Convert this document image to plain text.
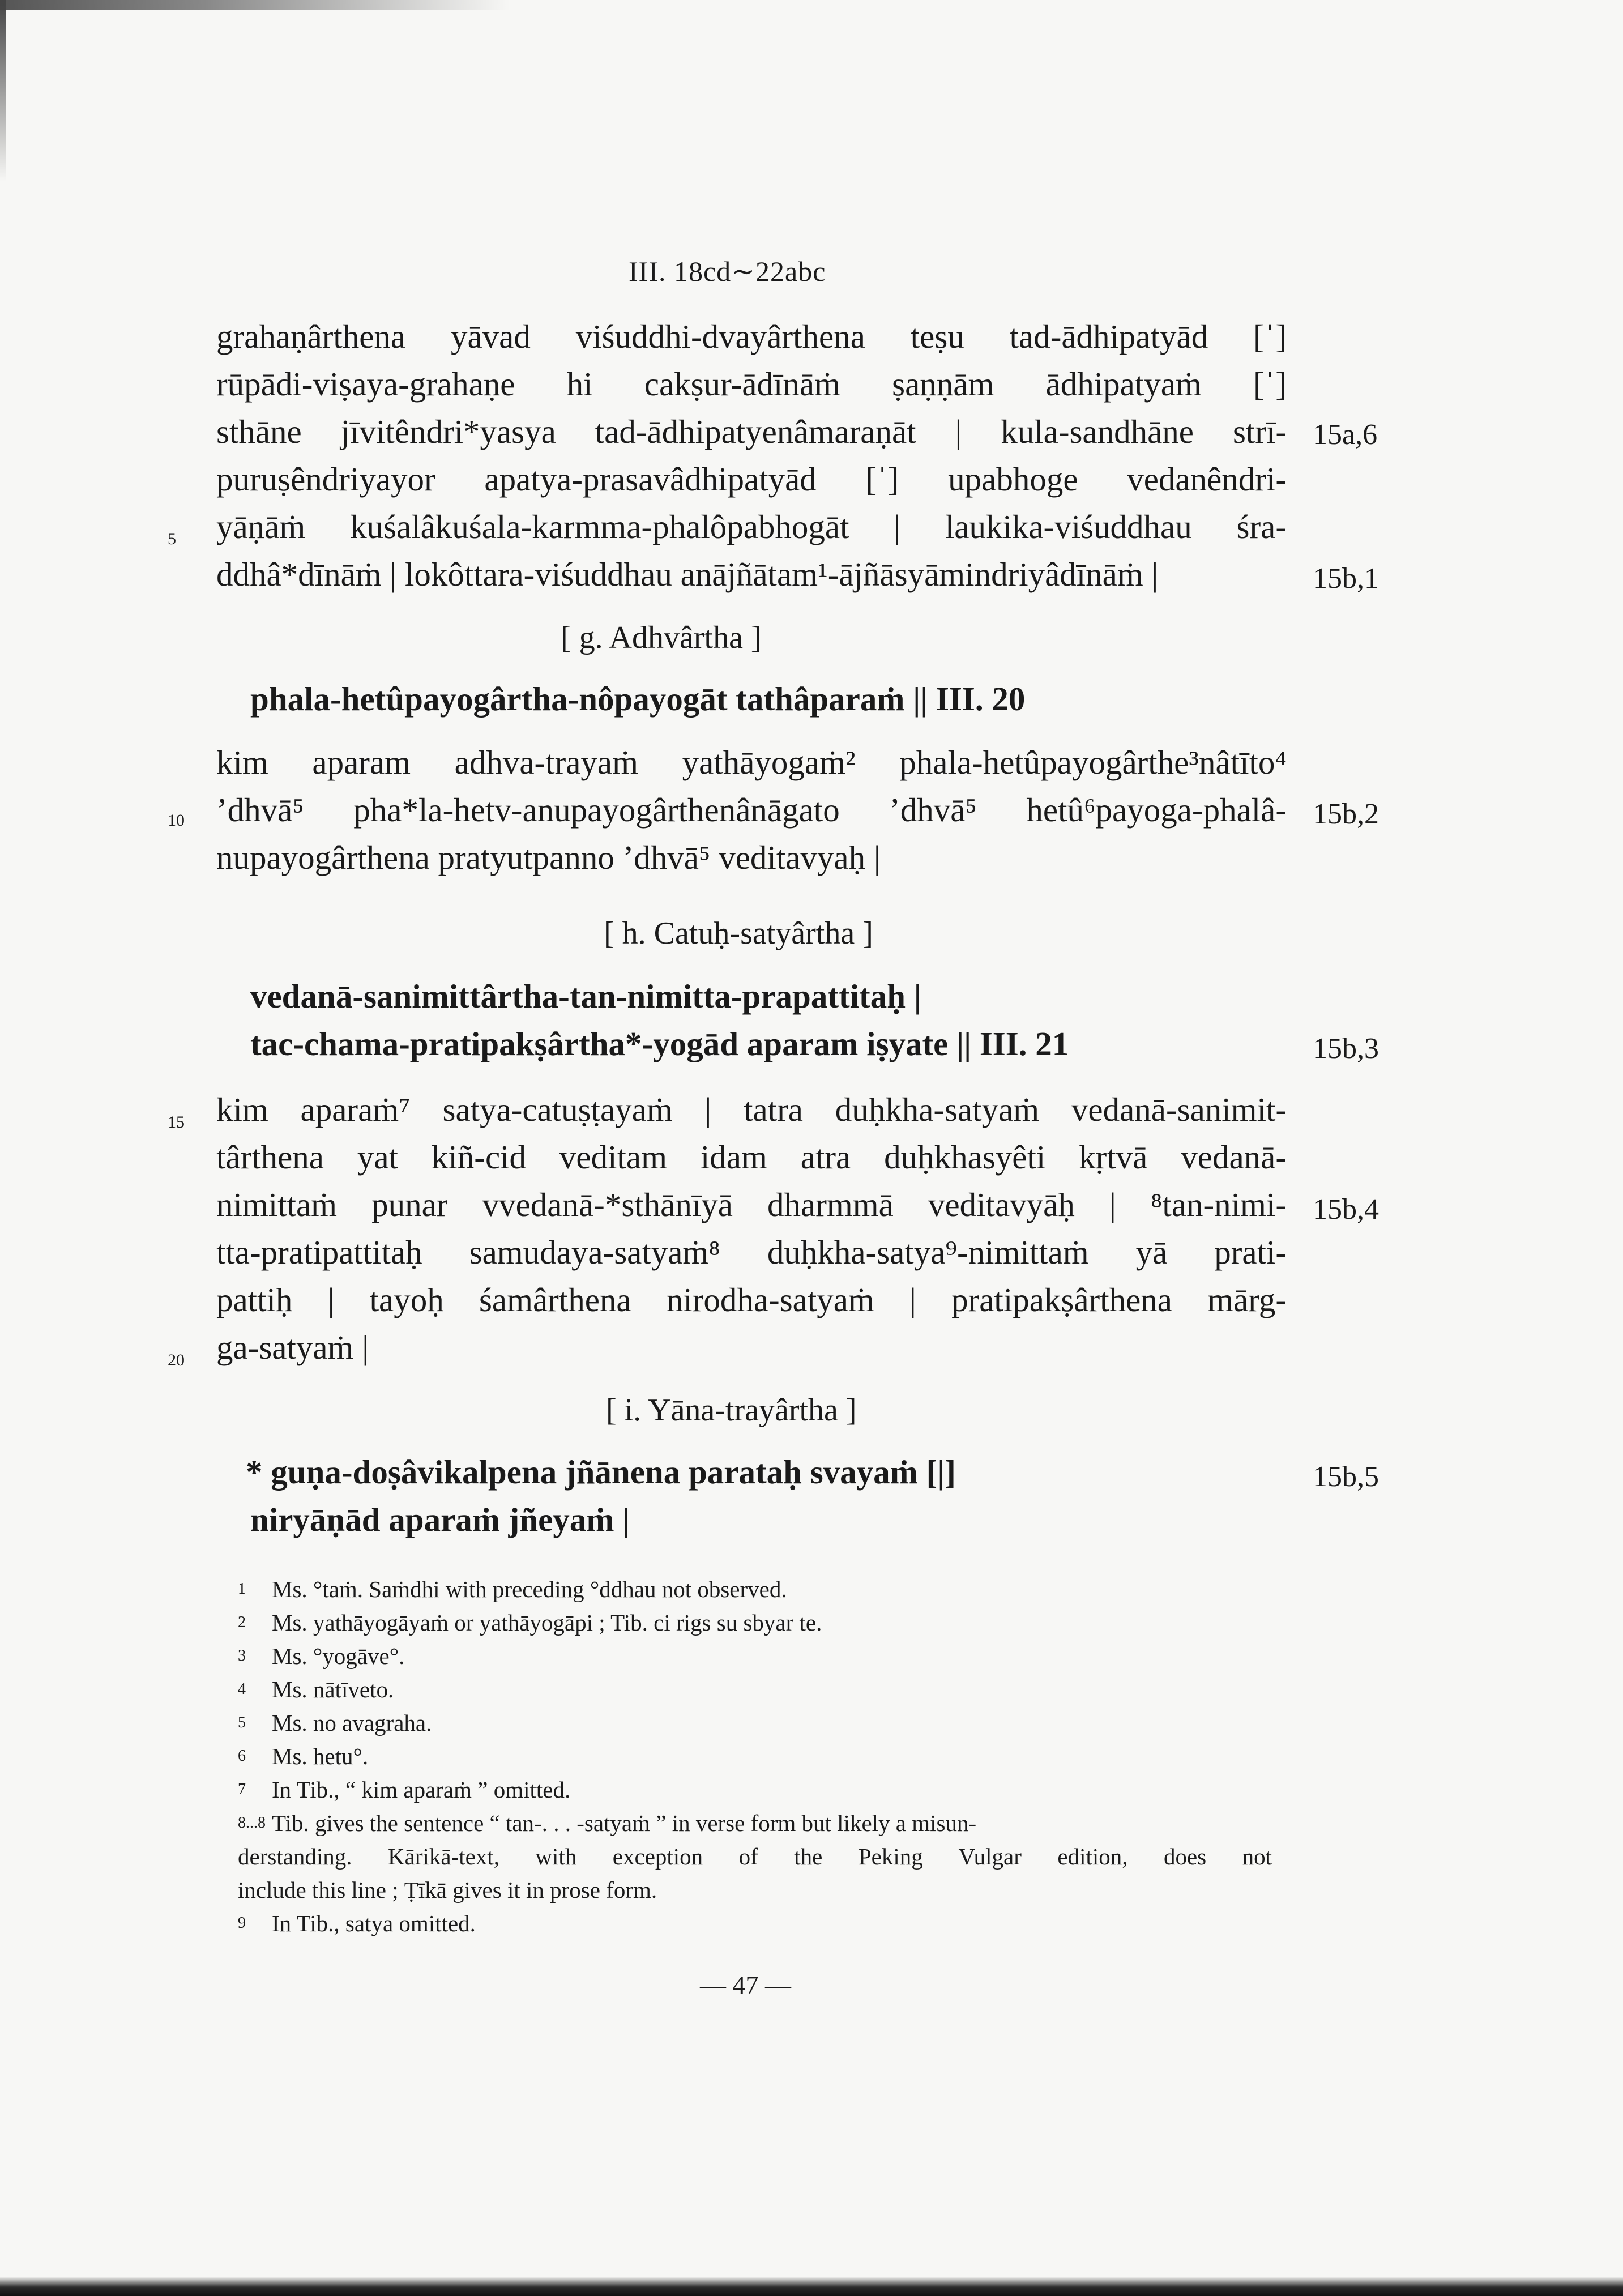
III. 18cd∼22abc
grahaṇârthena yāvad viśuddhi-dvayârthena teṣu tad-ādhipatyād [ˈ]
rūpādi-viṣaya-grahaṇe hi cakṣur-ādīnāṁ ṣaṇṇām ādhipatyaṁ [ˈ]
sthāne jīvitêndri*yasya tad-ādhipatyenâmaraṇāt | kula-sandhāne strī-
puruṣêndriyayor apatya-prasavâdhipatyād [ˈ] upabhoge vedanêndri-
yāṇāṁ kuśalâkuśala-karmma-phalôpabhogāt | laukika-viśuddhau śra-
ddhâ*dīnāṁ | lokôttara-viśuddhau anājñātam¹-ājñāsyāmindriyâdīnāṁ |
[ g. Adhvârtha ]
phala-hetûpayogârtha-nôpayogāt tathâparaṁ || III. 20
kim aparam adhva-trayaṁ yathāyogaṁ² phala-hetûpayogârthe³nâtīto⁴
’dhvā⁵ pha*la-hetv-anupayogârthenânāgato ’dhvā⁵ hetû⁶payoga-phalâ-
nupayogârthena pratyutpanno ’dhvā⁵ veditavyaḥ |
[ h. Catuḥ-satyârtha ]
vedanā-sanimittârtha-tan-nimitta-prapattitaḥ |
tac-chama-pratipakṣârtha*-yogād aparam iṣyate || III. 21
kim aparaṁ⁷ satya-catuṣṭayaṁ | tatra duḥkha-satyaṁ vedanā-sanimit-
târthena yat kiñ-cid veditam idam atra duḥkhasyêti kṛtvā vedanā-
nimittaṁ punar vvedanā-*sthānīyā dharmmā veditavyāḥ | ⁸tan-nimi-
tta-pratipattitaḥ samudaya-satyaṁ⁸ duḥkha-satya⁹-nimittaṁ yā prati-
pattiḥ | tayoḥ śamârthena nirodha-satyaṁ | pratipakṣârthena mārg-
ga-satyaṁ |
[ i. Yāna-trayârtha ]
* guṇa-doṣâvikalpena jñānena parataḥ svayaṁ [|]
niryāṇād aparaṁ jñeyaṁ |
5
10
15
20
15a,6
15b,1
15b,2
15b,3
15b,4
15b,5
1 Ms. °taṁ. Saṁdhi with preceding °ddhau not observed.
2 Ms. yathāyogāyaṁ or yathāyogāpi ; Tib. ci rigs su sbyar te.
3 Ms. °yogāve°.
4 Ms. nātīveto.
5 Ms. no avagraha.
6 Ms. hetu°.
7 In Tib., “ kim aparaṁ ” omitted.
8...8 Tib. gives the sentence “ tan-. . . -satyaṁ ” in verse form but likely a misun-
derstanding. Kārikā-text, with exception of the Peking Vulgar edition, does not
include this line ; Ṭīkā gives it in prose form.
9 In Tib., satya omitted.
— 47 —
